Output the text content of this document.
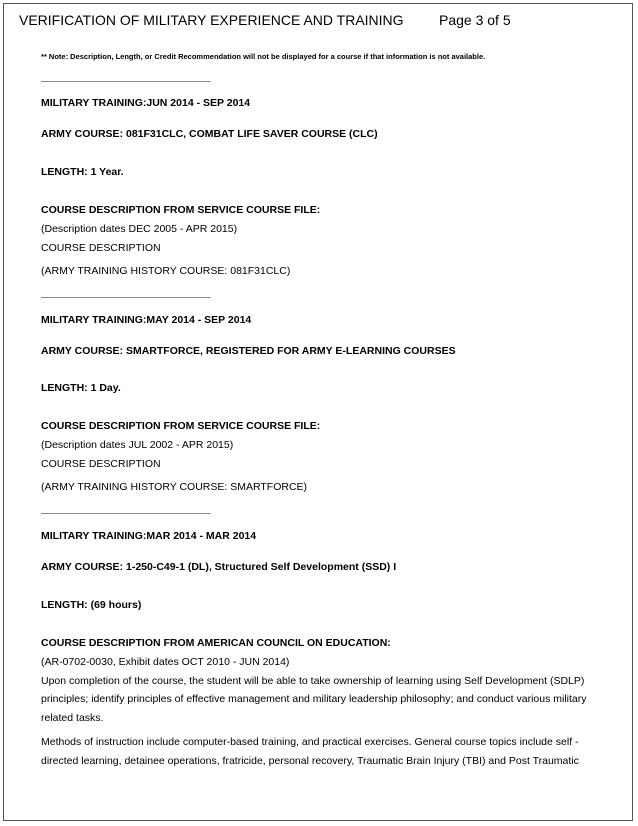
VERIFICATION OF MILITARY EXPERIENCE AND TRAINING	Page 3 of 5
** Note: Description, Length, or Credit Recommendation will not be displayed for a course if that information is not available.
MILITARY TRAINING:JUN 2014 - SEP 2014
ARMY COURSE: 081F31CLC, COMBAT LIFE SAVER COURSE (CLC)
LENGTH: 1 Year.
COURSE DESCRIPTION FROM SERVICE COURSE FILE:
(Description dates DEC 2005 - APR 2015)
COURSE DESCRIPTION
(ARMY TRAINING HISTORY COURSE: 081F31CLC)
MILITARY TRAINING:MAY 2014 - SEP 2014
ARMY COURSE: SMARTFORCE, REGISTERED FOR ARMY E-LEARNING COURSES
LENGTH: 1 Day.
COURSE DESCRIPTION FROM SERVICE COURSE FILE:
(Description dates JUL 2002 - APR 2015)
COURSE DESCRIPTION
(ARMY TRAINING HISTORY COURSE: SMARTFORCE)
MILITARY TRAINING:MAR 2014 - MAR 2014
ARMY COURSE: 1-250-C49-1 (DL), Structured Self Development (SSD) I
LENGTH: (69 hours)
COURSE DESCRIPTION FROM AMERICAN COUNCIL ON EDUCATION:
(AR-0702-0030, Exhibit dates OCT 2010 - JUN 2014)
Upon completion of the course, the student will be able to take ownership of learning using Self Development (SDLP)
principles; identify principles of effective management and military leadership philosophy; and conduct various military
related tasks.
Methods of instruction include computer-based training, and practical exercises. General course topics include self -
directed learning, detainee operations, fratricide, personal recovery, Traumatic Brain Injury (TBI) and Post Traumatic
